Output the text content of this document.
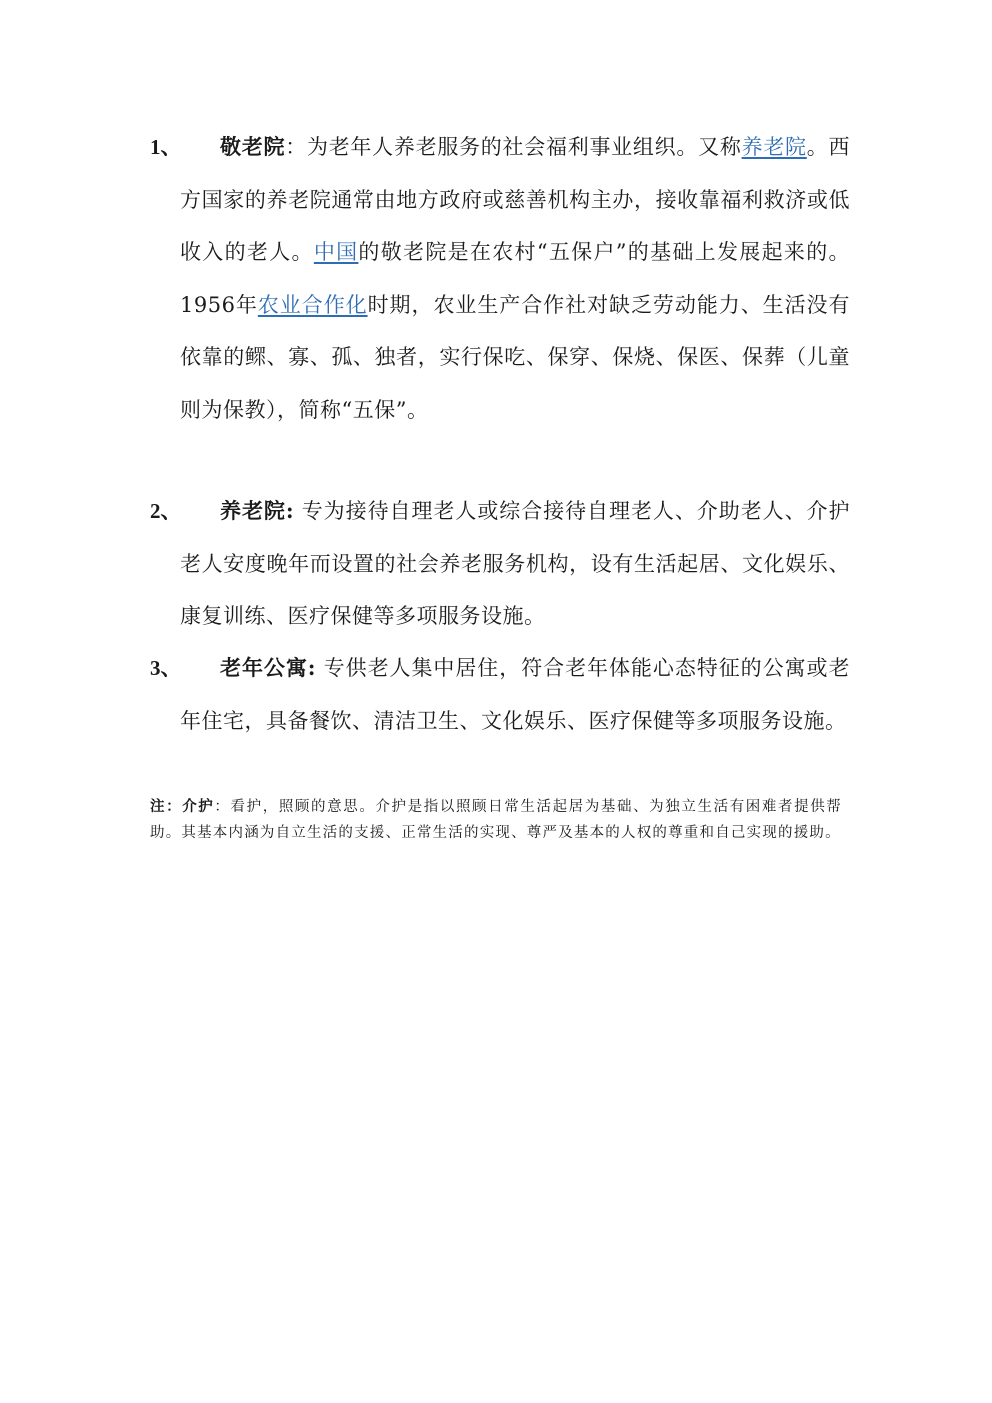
1、	敬老院：为老年人养老服务的社会福利事业组织。又称养老院。西方国家的养老院通常由地方政府或慈善机构主办，接收靠福利救济或低收入的老人。中国的敬老院是在农村“五保户”的基础上发展起来的。1956年农业合作化时期，农业生产合作社对缺乏劳动能力、生活没有依靠的鳏、寡、孤、独者，实行保吃、保穿、保烧、保医、保葬（儿童则为保教），简称“五保”。
2、	养老院: 专为接待自理老人或综合接待自理老人、介助老人、介护老人安度晚年而设置的社会养老服务机构，设有生活起居、文化娱乐、康复训练、医疗保健等多项服务设施。
3、	老年公寓: 专供老人集中居住，符合老年体能心态特征的公寓或老年住宅，具备餐饮、清洁卫生、文化娱乐、医疗保健等多项服务设施。
注：介护：看护，照顾的意思。介护是指以照顾日常生活起居为基础、为独立生活有困难者提供帮助。其基本内涵为自立生活的支援、正常生活的实现、尊严及基本的人权的尊重和自己实现的援助。
